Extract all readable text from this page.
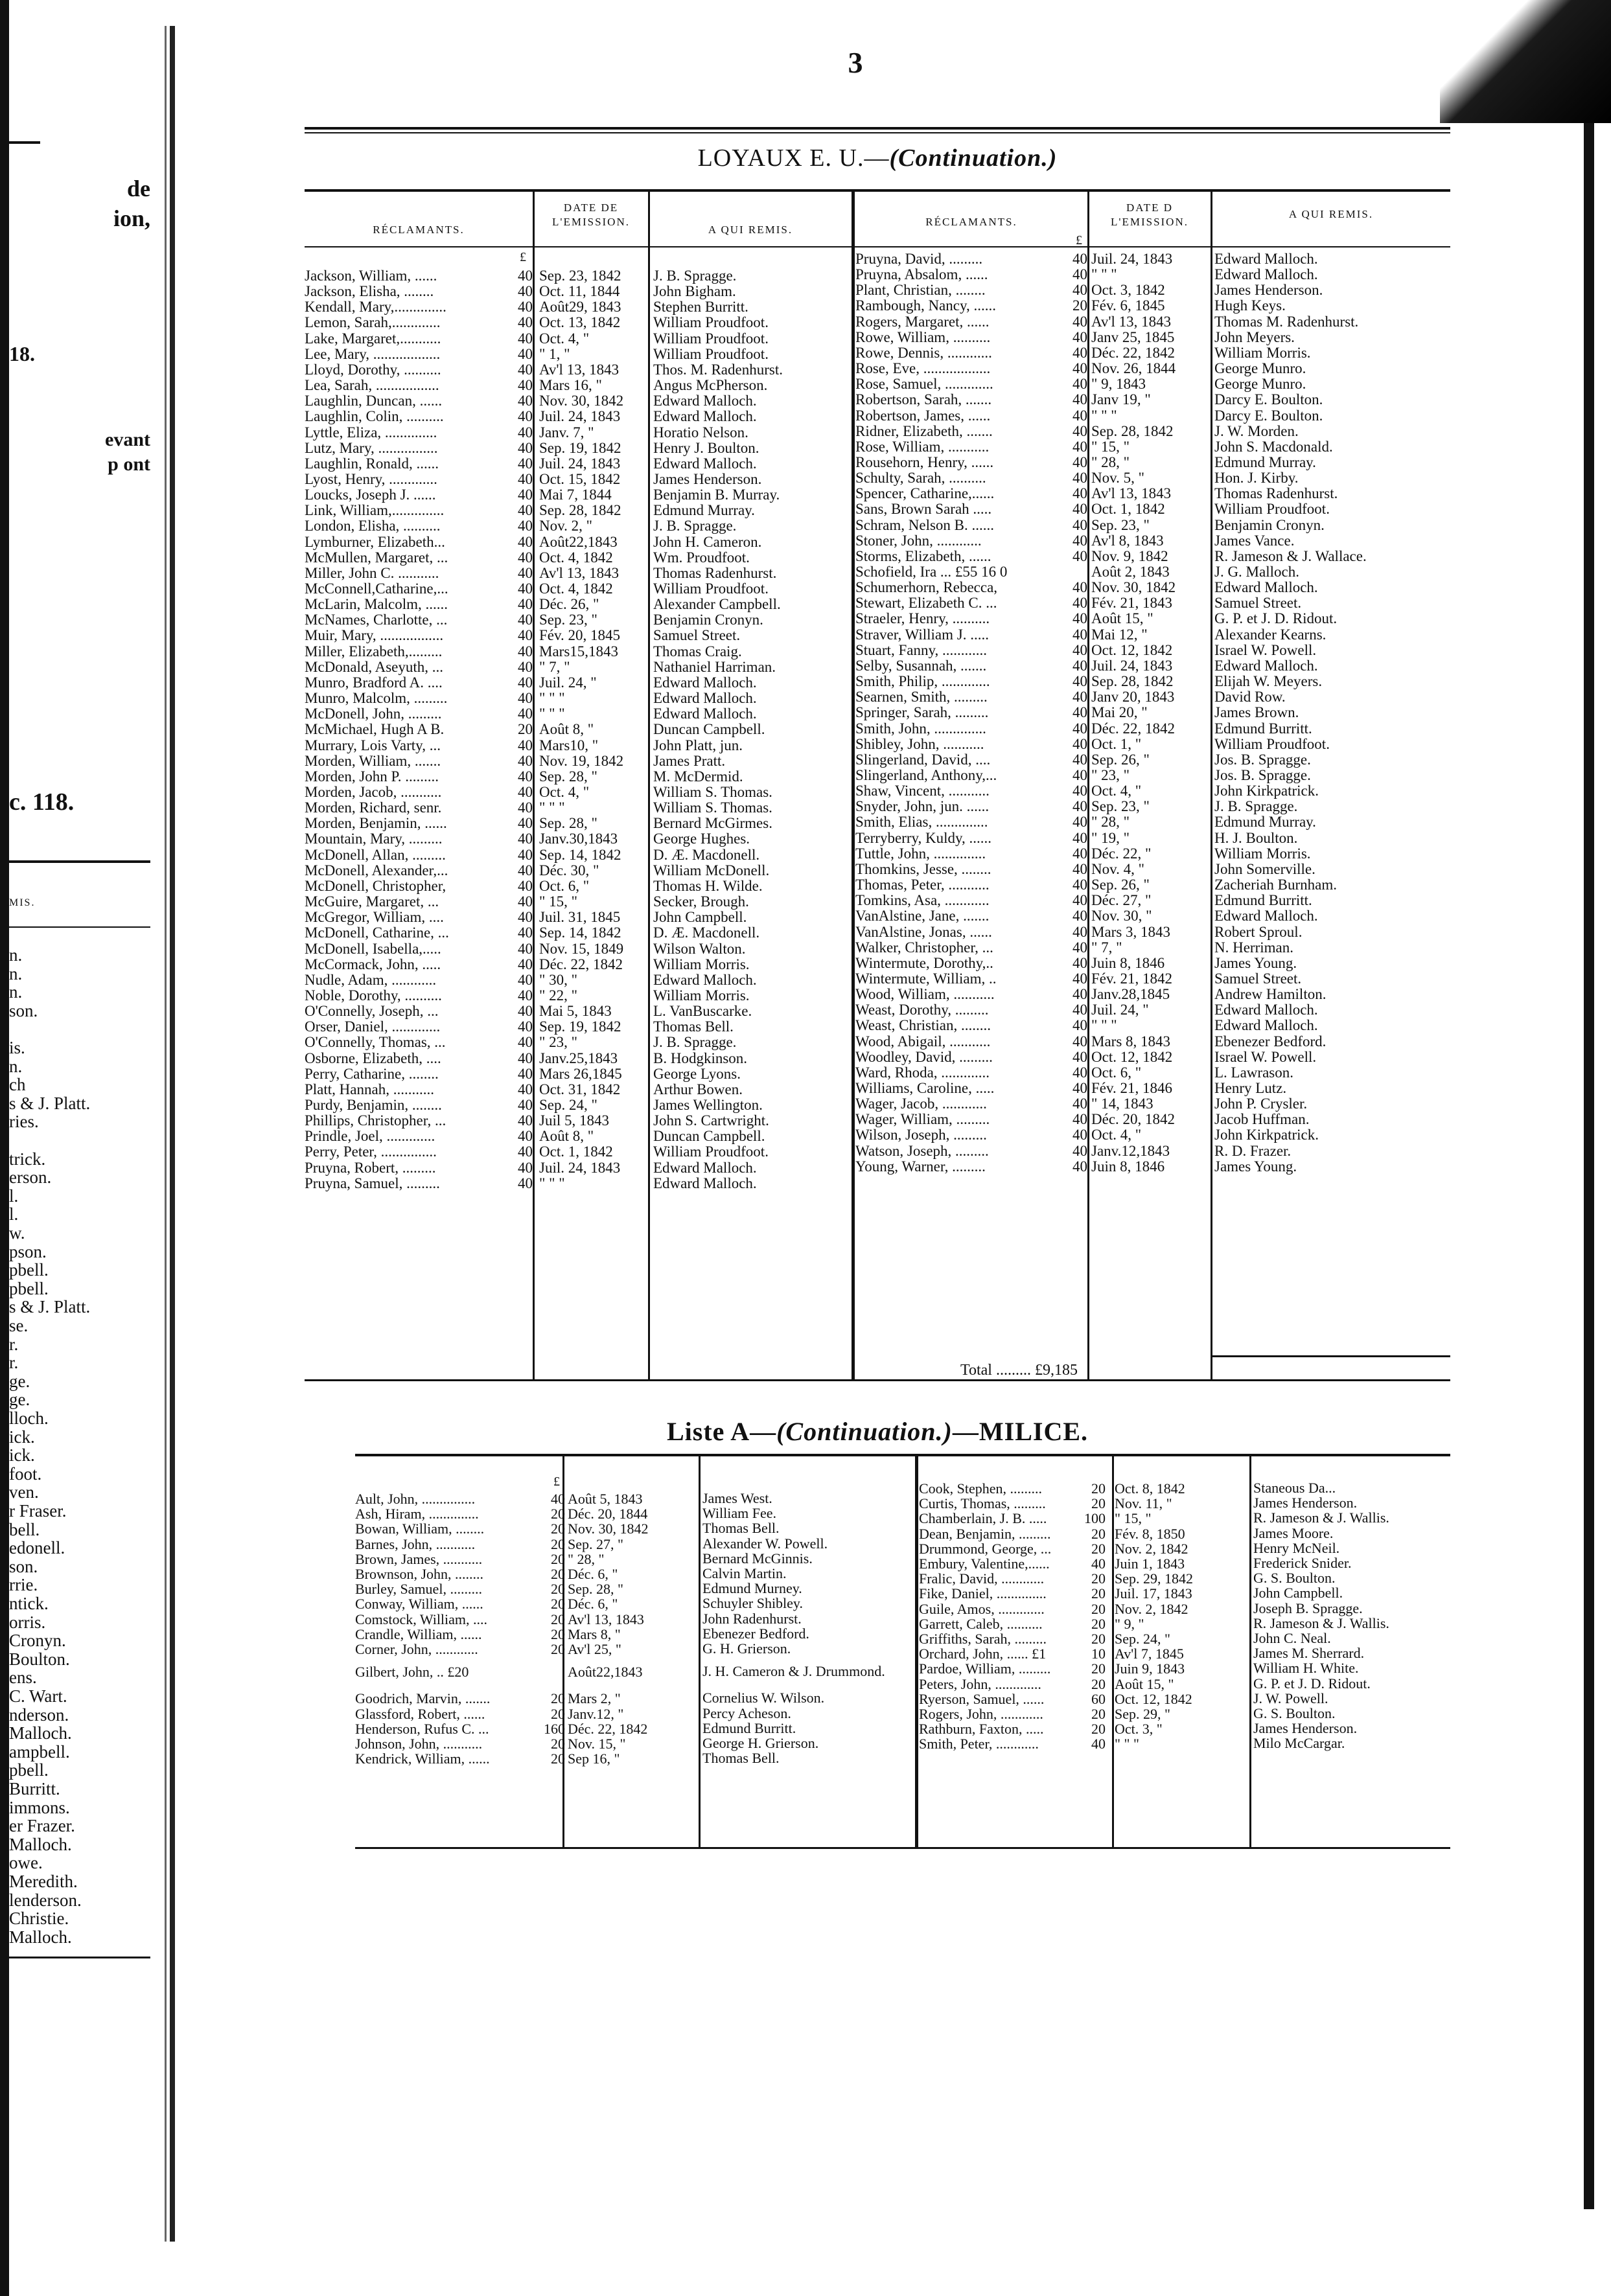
de
ion,
18.
evant
p ont
c. 118.
MIS.
n.
n.
n.
son.
is.
n.
ch
s & J. Platt.
ries.
trick.
erson.
l.
l.
w.
pson.
pbell.
pbell.
s & J. Platt.
se.
r.
r.
ge.
ge.
lloch.
ick.
ick.
foot.
ven.
r Fraser.
bell.
edonell.
son.
rrie.
ntick.
orris.
Cronyn.
Boulton.
ens.
C. Wart.
nderson.
Malloch.
ampbell.
pbell.
Burritt.
immons.
er Frazer.
Malloch.
owe.
Meredith.
lenderson.
Christie.
Malloch.
3
LOYAUX E. U.—(Continuation.)
RÉCLAMANTS.
DATE DE L'EMISSION.
A QUI REMIS.
RÉCLAMANTS.
DATE D L'EMISSION.
A QUI REMIS.
£
£
Jackson, William, ......	40 Sep. 23, 1842 J. B. Spragge.
Jackson, Elisha, ........	40 Oct. 11, 1844 John Bigham.
Kendall, Mary,..............	40 Août29, 1843 Stephen Burritt.
Lemon, Sarah,.............	40 Oct. 13, 1842 William Proudfoot.
Lake, Margaret,...........	40 Oct. 4, "	William Proudfoot.
Lee, Mary, ..................	40 " 1, "	William Proudfoot.
Lloyd, Dorothy, ..........	40 Av'l 13, 1843 Thos. M. Radenhurst.
Lea, Sarah, .................	40 Mars 16, "	Angus McPherson.
Laughlin, Duncan, ......	40 Nov. 30, 1842 Edward Malloch.
Laughlin, Colin, ..........	40 Juil. 24, 1843 Edward Malloch.
Lyttle, Eliza, ..............	40 Janv. 7, "	Horatio Nelson.
Lutz, Mary, ................	40 Sep. 19, 1842 Henry J. Boulton.
Laughlin, Ronald, ......	40 Juil. 24, 1843 Edward Malloch.
Lyost, Henry, .............	40 Oct. 15, 1842 James Henderson.
Loucks, Joseph J. ......	40 Mai 7, 1844	Benjamin B. Murray.
Link, William,..............	40 Sep. 28, 1842 Edmund Murray.
London, Elisha, ..........	40 Nov. 2, "	J. B. Spragge.
Lymburner, Elizabeth...	40 Août22,1843 John H. Cameron.
McMullen, Margaret, ...	40 Oct. 4, 1842	Wm. Proudfoot.
Miller, John C. ...........	40 Av'l 13, 1843 Thomas Radenhurst.
McConnell,Catharine,...	40 Oct. 4, 1842	William Proudfoot.
McLarin, Malcolm, ......	40 Déc. 26, "	Alexander Campbell.
McNames, Charlotte, ...	40 Sep. 23, "	Benjamin Cronyn.
Muir, Mary, .................	40 Fév. 20, 1845 Samuel Street.
Miller, Elizabeth,.........	40 Mars15,1843 Thomas Craig.
McDonald, Aseyuth, ...	40 " 7, "	Nathaniel Harriman.
Munro, Bradford A. ....	40 Juil. 24, "	Edward Malloch.
Munro, Malcolm, .........	40 " " "	Edward Malloch.
McDonell, John, .........	40 " " "	Edward Malloch.
McMichael, Hugh A B.	20 Août 8, "	Duncan Campbell.
Murrary, Lois Varty, ...	40 Mars10, "	John Platt, jun.
Morden, William, .......	40 Nov. 19, 1842 James Pratt.
Morden, John P. .........	40 Sep. 28, "	M. McDermid.
Morden, Jacob, ...........	40 Oct. 4, "	William S. Thomas.
Morden, Richard, senr.	40 " " "	William S. Thomas.
Morden, Benjamin, ......	40 Sep. 28, "	Bernard McGirmes.
Mountain, Mary, .........	40 Janv.30,1843 George Hughes.
McDonell, Allan, .........	40 Sep. 14, 1842 D. Æ. Macdonell.
McDonell, Alexander,...	40 Déc. 30, "	William McDonell.
McDonell, Christopher,	40 Oct. 6, "	Thomas H. Wilde.
McGuire, Margaret, ...	40 " 15, "	Secker, Brough.
McGregor, William, ....	40 Juil. 31, 1845 John Campbell.
McDonell, Catharine, ...	40 Sep. 14, 1842 D. Æ. Macdonell.
McDonell, Isabella,.....	40 Nov. 15, 1849 Wilson Walton.
McCormack, John, .....	40 Déc. 22, 1842 William Morris.
Nudle, Adam, ............	40 " 30, "	Edward Malloch.
Noble, Dorothy, ..........	40 " 22, "	William Morris.
O'Connelly, Joseph, ...	40 Mai 5, 1843	L. VanBuscarke.
Orser, Daniel, .............	40 Sep. 19, 1842 Thomas Bell.
O'Connelly, Thomas, ...	40 " 23, "	J. B. Spragge.
Osborne, Elizabeth, ....	40 Janv.25,1843 B. Hodgkinson.
Perry, Catharine, ........	40 Mars 26,1845 George Lyons.
Platt, Hannah, ...........	40 Oct. 31, 1842 Arthur Bowen.
Purdy, Benjamin, ........	40 Sep. 24, "	James Wellington.
Phillips, Christopher, ...	40 Juil 5, 1843	John S. Cartwright.
Prindle, Joel, .............	40 Août 8, "	Duncan Campbell.
Perry, Peter, ...............	40 Oct. 1, 1842	William Proudfoot.
Pruyna, Robert, .........	40 Juil. 24, 1843 Edward Malloch.
Pruyna, Samuel, .........	40 " " "	Edward Malloch.
Pruyna, David, .........	40 Juil. 24, 1843	Edward Malloch.
Pruyna, Absalom, ......	40 " " "	Edward Malloch.
Plant, Christian, ........	40 Oct. 3, 1842	James Henderson.
Rambough, Nancy, ......	20 Fév. 6, 1845	Hugh Keys.
Rogers, Margaret, ......	40 Av'l 13, 1843	Thomas M. Radenhurst.
Rowe, William, ..........	40 Janv 25, 1845	John Meyers.
Rowe, Dennis, ............	40 Déc. 22, 1842	William Morris.
Rose, Eve, ..................	40 Nov. 26, 1844	George Munro.
Rose, Samuel, .............	40 " 9, 1843	George Munro.
Robertson, Sarah, .......	40 Janv 19, "	Darcy E. Boulton.
Robertson, James, ......	40 " " "	Darcy E. Boulton.
Ridner, Elizabeth, .......	40 Sep. 28, 1842	J. W. Morden.
Rose, William, ...........	40 " 15, "	John S. Macdonald.
Rousehorn, Henry, ......	40 " 28, "	Edmund Murray.
Schulty, Sarah, ..........	40 Nov. 5, "	Hon. J. Kirby.
Spencer, Catharine,......	40 Av'l 13, 1843	Thomas Radenhurst.
Sans, Brown Sarah .....	40 Oct. 1, 1842	William Proudfoot.
Schram, Nelson B. ......	40 Sep. 23, "	Benjamin Cronyn.
Stoner, John, ............	40 Av'l 8, 1843	James Vance.
Storms, Elizabeth, ......	40 Nov. 9, 1842	R. Jameson & J. Wallace.
Schofield, Ira ... £55 16 0	Août 2, 1843	J. G. Malloch.
Schumerhorn, Rebecca,	40 Nov. 30, 1842	Edward Malloch.
Stewart, Elizabeth C. ...	40 Fév. 21, 1843	Samuel Street.
Straeler, Henry, ..........	40 Août 15, "	G. P. et J. D. Ridout.
Straver, William J. .....	40 Mai 12, "	Alexander Kearns.
Stuart, Fanny, ............	40 Oct. 12, 1842	Israel W. Powell.
Selby, Susannah, .......	40 Juil. 24, 1843	Edward Malloch.
Smith, Philip, .............	40 Sep. 28, 1842	Elijah W. Meyers.
Searnen, Smith, .........	40 Janv 20, 1843	David Row.
Springer, Sarah, .........	40 Mai 20, "	James Brown.
Smith, John, ..............	40 Déc. 22, 1842	Edmund Burritt.
Shibley, John, ...........	40 Oct. 1, "	William Proudfoot.
Slingerland, David, ....	40 Sep. 26, "	Jos. B. Spragge.
Slingerland, Anthony,...	40 " 23, "	Jos. B. Spragge.
Shaw, Vincent, ...........	40 Oct. 4, "	John Kirkpatrick.
Snyder, John, jun. ......	40 Sep. 23, "	J. B. Spragge.
Smith, Elias, ..............	40 " 28, "	Edmund Murray.
Terryberry, Kuldy, ......	40 " 19, "	H. J. Boulton.
Tuttle, John, ..............	40 Déc. 22, "	William Morris.
Thomkins, Jesse, ........	40 Nov. 4, "	John Somerville.
Thomas, Peter, ...........	40 Sep. 26, "	Zacheriah Burnham.
Tomkins, Asa, ............	40 Déc. 27, "	Edmund Burritt.
VanAlstine, Jane, .......	40 Nov. 30, "	Edward Malloch.
VanAlstine, Jonas, ......	40 Mars 3, 1843	Robert Sproul.
Walker, Christopher, ...	40 " 7, "	N. Herriman.
Wintermute, Dorothy,..	40 Juin 8, 1846	James Young.
Wintermute, William, ..	40 Fév. 21, 1842	Samuel Street.
Wood, William, ...........	40 Janv.28,1845	Andrew Hamilton.
Weast, Dorothy, .........	40 Juil. 24, "	Edward Malloch.
Weast, Christian, ........	40 " " "	Edward Malloch.
Wood, Abigail, ...........	40 Mars 8, 1843	Ebenezer Bedford.
Woodley, David, .........	40 Oct. 12, 1842	Israel W. Powell.
Ward, Rhoda, .............	40 Oct. 6, "	L. Lawrason.
Williams, Caroline, .....	40 Fév. 21, 1846	Henry Lutz.
Wager, Jacob, ............	40 " 14, 1843	John P. Crysler.
Wager, William, .........	40 Déc. 20, 1842	Jacob Huffman.
Wilson, Joseph, .........	40 Oct. 4, "	John Kirkpatrick.
Watson, Joseph, .........	40 Janv.12,1843	R. D. Frazer.
Young, Warner, .........	40 Juin 8, 1846	James Young.
Total ......... £9,185
Liste A—(Continuation.)—MILICE.
£
Ault, John, ...............	40 Août 5, 1843	James West.
Ash, Hiram, ..............	20 Déc. 20, 1844	William Fee.
Bowan, William, ........	20 Nov. 30, 1842	Thomas Bell.
Barnes, John, ...........	20 Sep. 27, "	Alexander W. Powell.
Brown, James, ...........	20 " 28, "	Bernard McGinnis.
Brownson, John, ........	20 Déc. 6, "	Calvin Martin.
Burley, Samuel, .........	20 Sep. 28, "	Edmund Murney.
Conway, William, ......	20 Déc. 6, "	Schuyler Shibley.
Comstock, William, ....	20 Av'l 13, 1843	John Radenhurst.
Crandle, William, ......	20 Mars 8, "	Ebenezer Bedford.
Corner, John, ............	20 Av'l 25, "	G. H. Grierson.
Gilbert, John, .. £20	Août22,1843	J. H. Cameron & J. Drummond.
Goodrich, Marvin, .......	20 Mars 2, "	Cornelius W. Wilson.
Glassford, Robert, ......	20 Janv.12, "	Percy Acheson.
Henderson, Rufus C. ...	160 Déc. 22, 1842	Edmund Burritt.
Johnson, John, ...........	20 Nov. 15, "	George H. Grierson.
Kendrick, William, ......	20 Sep 16, "	Thomas Bell.
Cook, Stephen, .........	20 Oct. 8, 1842	Staneous Da...
Curtis, Thomas, .........	20 Nov. 11, "	James Henderson.
Chamberlain, J. B. .....	100 " 15, "	R. Jameson & J. Wallis.
Dean, Benjamin, .........	20 Fév. 8, 1850	James Moore.
Drummond, George, ...	20 Nov. 2, 1842	Henry McNeil.
Embury, Valentine,......	40 Juin 1, 1843	Frederick Snider.
Fralic, David, ............	20 Sep. 29, 1842	G. S. Boulton.
Fike, Daniel, ..............	20 Juil. 17, 1843	John Campbell.
Guile, Amos, .............	20 Nov. 2, 1842	Joseph B. Spragge.
Garrett, Caleb, ..........	20 " 9, "	R. Jameson & J. Wallis.
Griffiths, Sarah, .........	20 Sep. 24, "	John C. Neal.
Orchard, John, ...... £1	10 Av'l 7, 1845	James M. Sherrard.
Pardoe, William, .........	20 Juin 9, 1843	William H. White.
Peters, John, .............	20 Août 15, "	G. P. et J. D. Ridout.
Ryerson, Samuel, ......	60 Oct. 12, 1842	J. W. Powell.
Rogers, John, ............	20 Sep. 29, "	G. S. Boulton.
Rathburn, Faxton, .....	20 Oct. 3, "	James Henderson.
Smith, Peter, ............	40 " " "	Milo McCargar.
